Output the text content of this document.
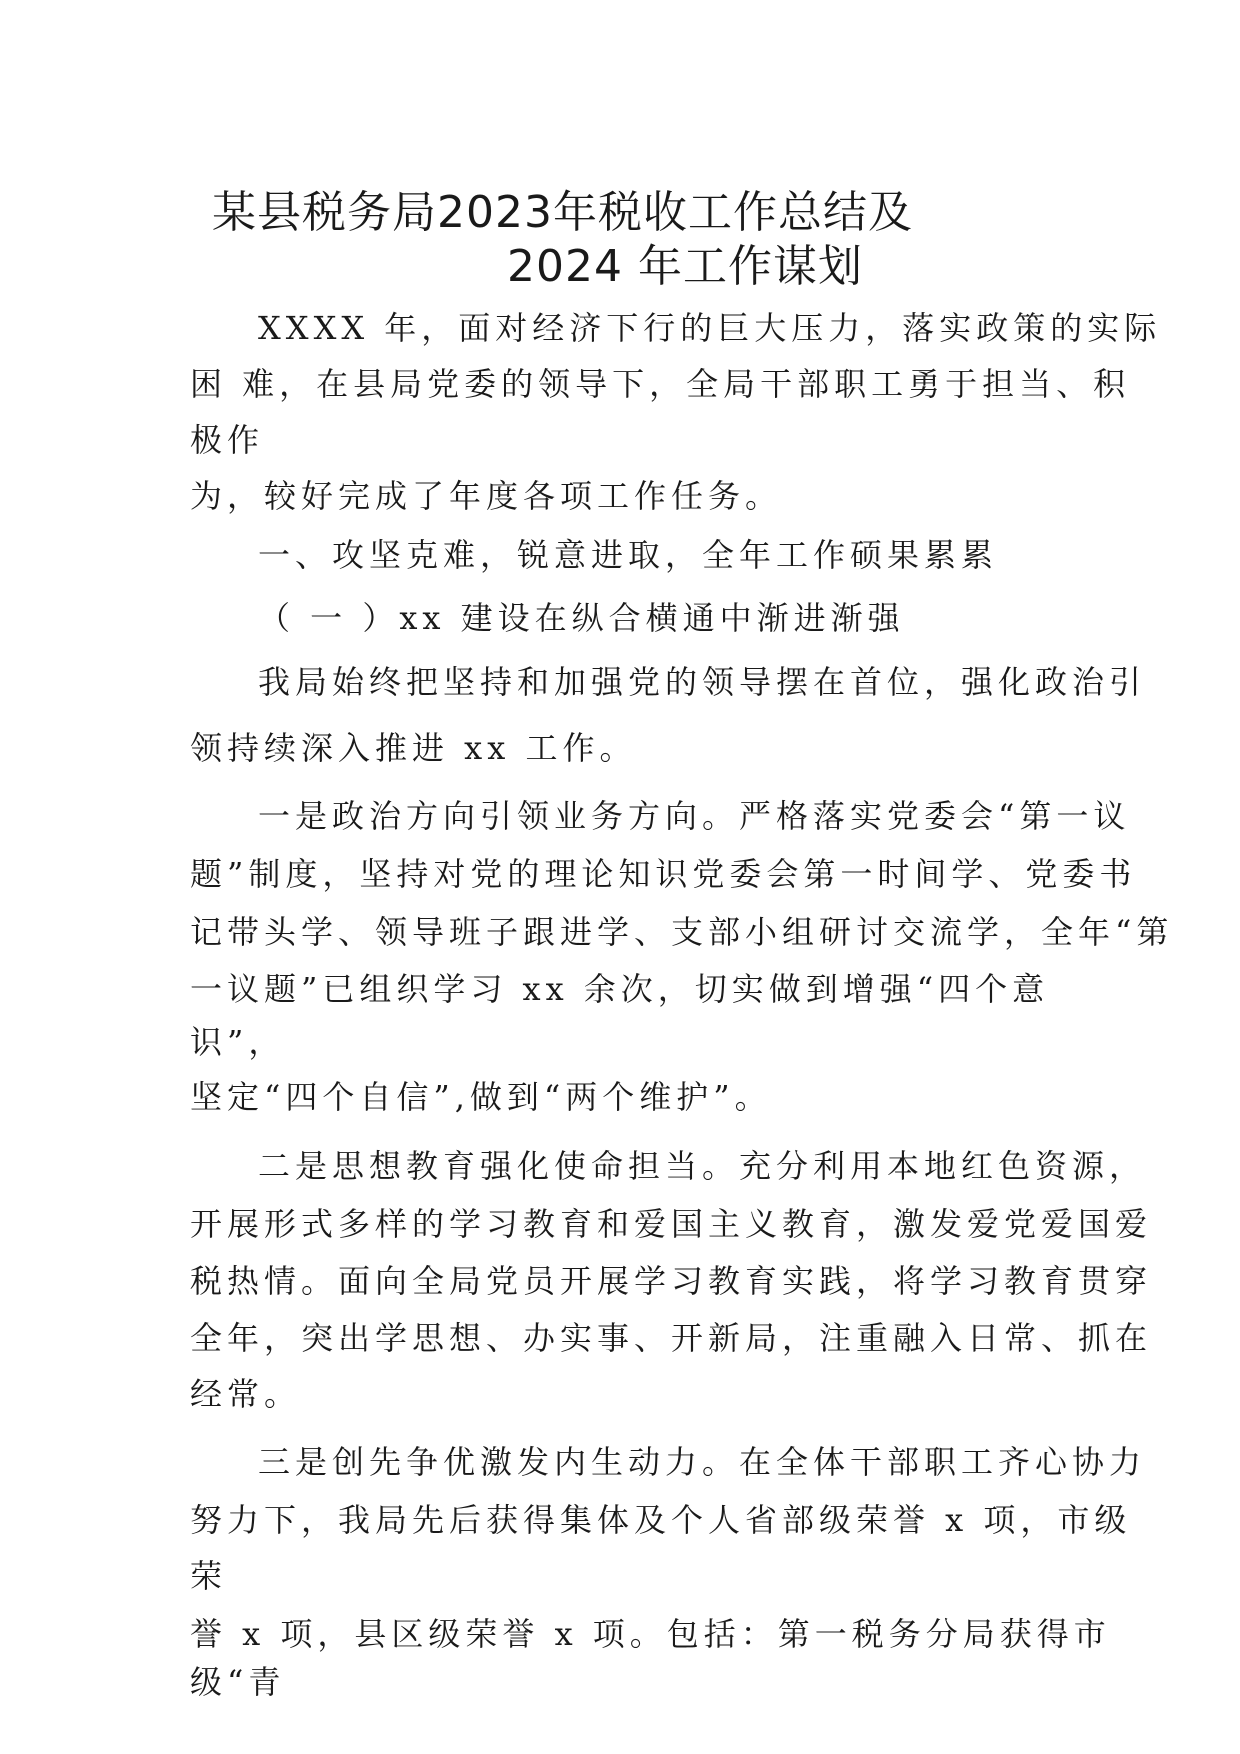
某县税务局2023年税收工作总结及
2024 年工作谋划
XXXX 年，面对经济下行的巨大压力，落实政策的实际
困 难，在县局党委的领导下，全局干部职工勇于担当、积
极作
为，较好完成了年度各项工作任务。
一、攻坚克难，锐意进取，全年工作硕果累累
（ 一 ）xx 建设在纵合横通中渐进渐强
我局始终把坚持和加强党的领导摆在首位，强化政治引
领持续深入推进 xx 工作。
一是政治方向引领业务方向。严格落实党委会“第一议
题”制度，坚持对党的理论知识党委会第一时间学、党委书
记带头学、领导班子跟进学、支部小组研讨交流学，全年“第
一议题”已组织学习 xx 余次，切实做到增强“四个意
识”，
坚定“四个自信”,做到“两个维护”。
二是思想教育强化使命担当。充分利用本地红色资源，
开展形式多样的学习教育和爱国主义教育，激发爱党爱国爱
税热情。面向全局党员开展学习教育实践，将学习教育贯穿
全年，突出学思想、办实事、开新局，注重融入日常、抓在
经常。
三是创先争优激发内生动力。在全体干部职工齐心协力
努力下，我局先后获得集体及个人省部级荣誉 x 项，市级
荣
誉 x 项，县区级荣誉 x 项。包括：第一税务分局获得市
级“青
